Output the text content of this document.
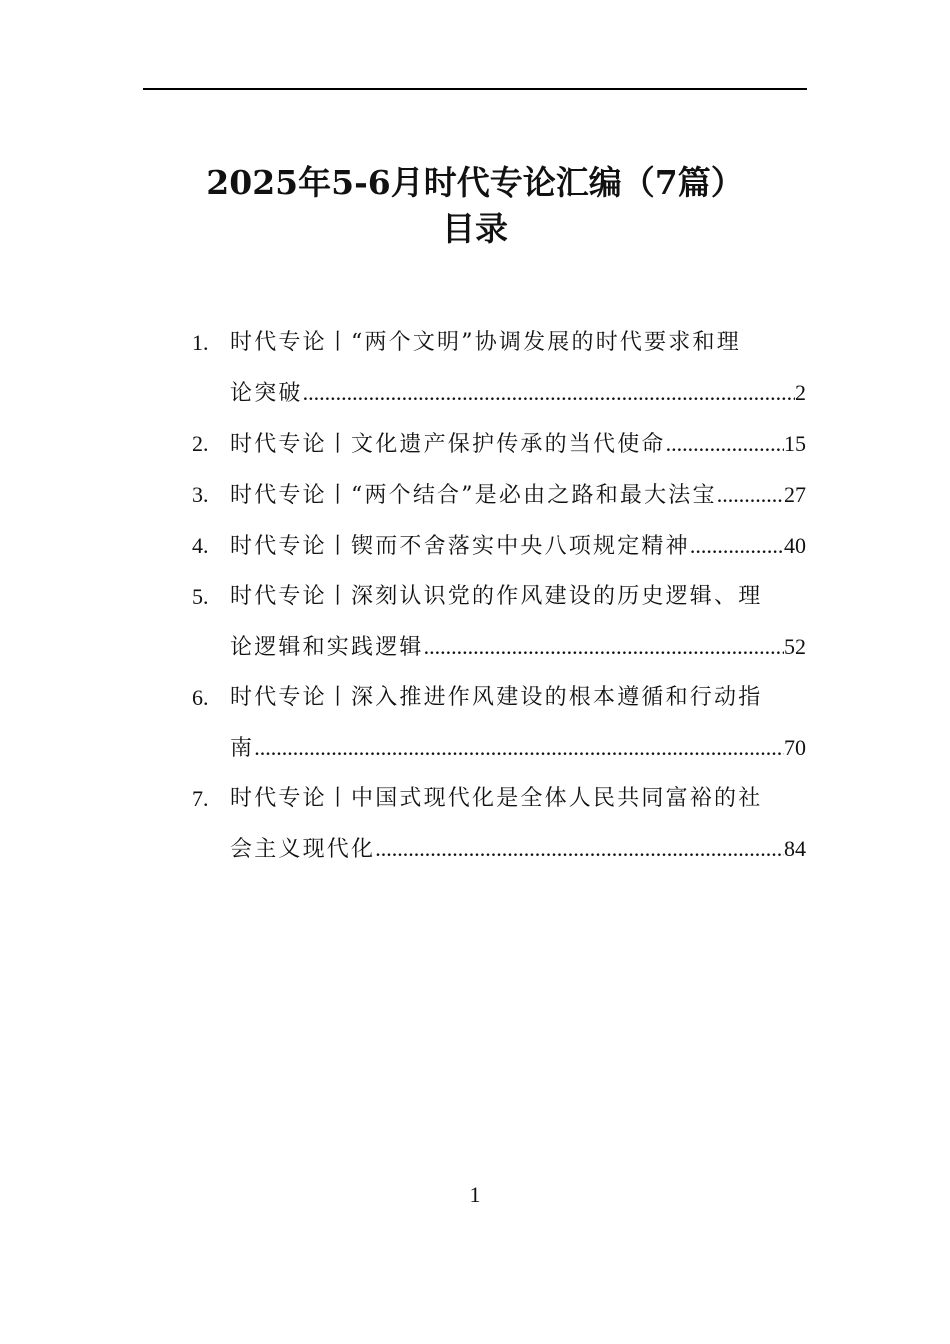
2025年5-6月时代专论汇编（7篇）
目录
1. 时代专论丨“两个文明”协调发展的时代要求和理
论突破 .....	2
2. 时代专论丨文化遗产保护传承的当代使命 .....	15
3. 时代专论丨“两个结合”是必由之路和最大法宝 .....	27
4. 时代专论丨锲而不舍落实中央八项规定精神 .....	40
5. 时代专论丨深刻认识党的作风建设的历史逻辑、理
论逻辑和实践逻辑 .....	52
6. 时代专论丨深入推进作风建设的根本遵循和行动指
南 .....	70
7. 时代专论丨中国式现代化是全体人民共同富裕的社
会主义现代化 .....	84
1
